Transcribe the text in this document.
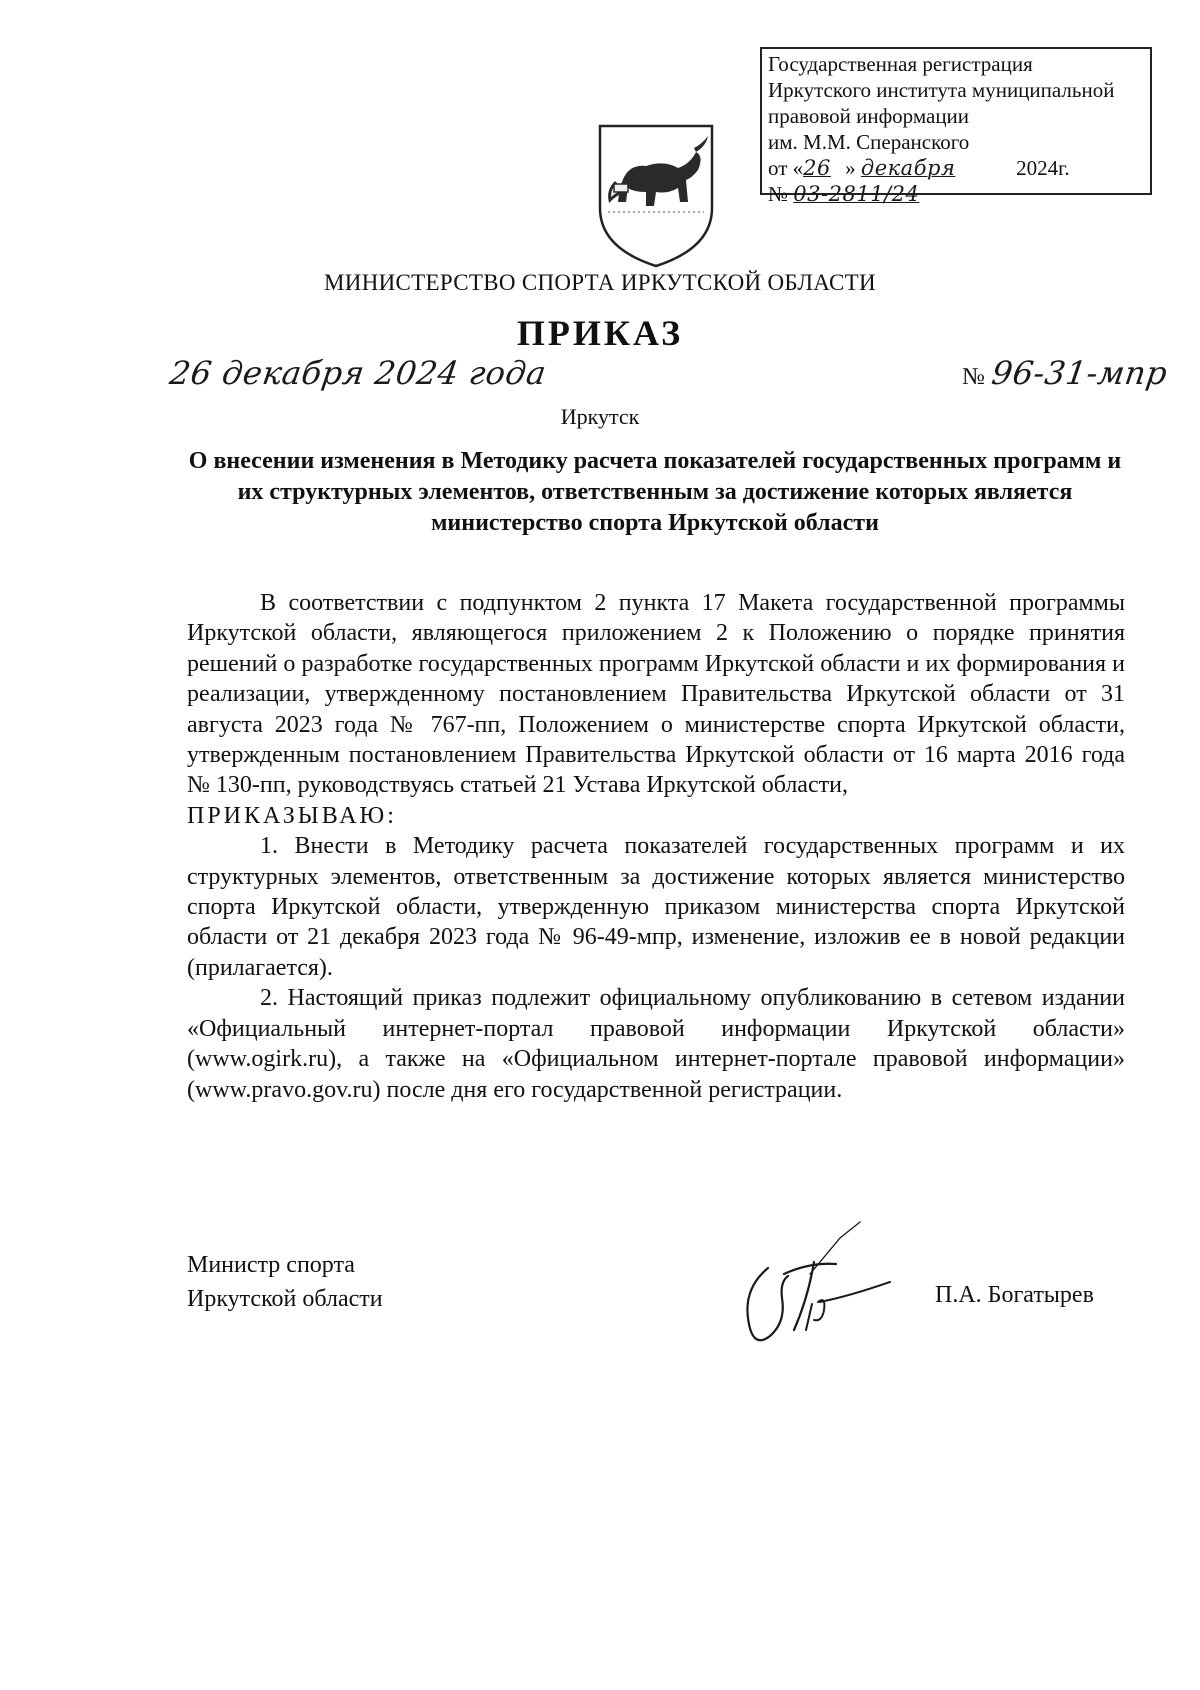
Государственная регистрация
Иркутского института муниципальной
правовой информации
им. М.М. Сперанского
от «26 » декабря	2024г.
№ 03-2811/24
МИНИСТЕРСТВО СПОРТА ИРКУТСКОЙ ОБЛАСТИ
ПРИКАЗ
26 декабря 2024 года	№ 96-31-мпр
Иркутск
О внесении изменения в Методику расчета показателей государственных программ и их структурных элементов, ответственным за достижение которых является министерство спорта Иркутской области

В соответствии с подпунктом 2 пункта 17 Макета государственной программы Иркутской области, являющегося приложением 2 к Положению о порядке принятия решений о разработке государственных программ Иркутской области и их формирования и реализации, утвержденному постановлением Правительства Иркутской области от 31 августа 2023 года № 767-пп, Положением о министерстве спорта Иркутской области, утвержденным постановлением Правительства Иркутской области от 16 марта 2016 года № 130-пп, руководствуясь статьей 21 Устава Иркутской области,

ПРИКАЗЫВАЮ:

1. Внести в Методику расчета показателей государственных программ и их структурных элементов, ответственным за достижение которых является министерство спорта Иркутской области, утвержденную приказом министерства спорта Иркутской области от 21 декабря 2023 года № 96-49-мпр, изменение, изложив ее в новой редакции (прилагается).

2. Настоящий приказ подлежит официальному опубликованию в сетевом издании «Официальный интернет-портал правовой информации Иркутской области» (www.ogirk.ru), а также на «Официальном интернет-портале правовой информации» (www.pravo.gov.ru) после дня его государственной регистрации.

Министр спорта
Иркутской области	П.А. Богатырев
